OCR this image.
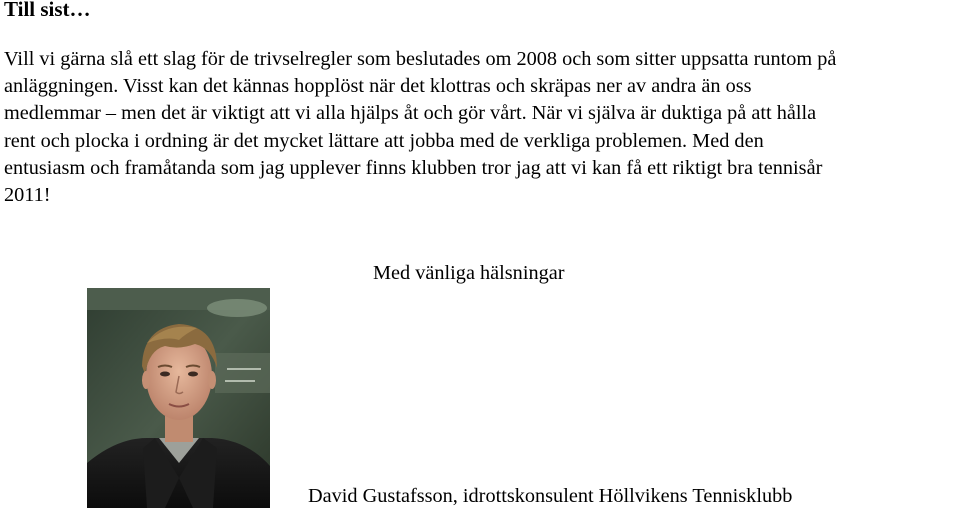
Till sist…
Vill vi gärna slå ett slag för de trivselregler som beslutades om 2008 och som sitter uppsatta runtom på
anläggningen. Visst kan det kännas hopplöst när det klottras och skräpas ner av andra än oss
medlemmar – men det är viktigt att vi alla hjälps åt och gör vårt. När vi själva är duktiga på att hålla
rent och plocka i ordning är det mycket lättare att jobba med de verkliga problemen. Med den
entusiasm och framåtanda som jag upplever finns klubben tror jag att vi kan få ett riktigt bra tennisår
2011!

Med vänliga hälsningar

David Gustafsson, idrottskonsulent Höllvikens Tennisklubb
